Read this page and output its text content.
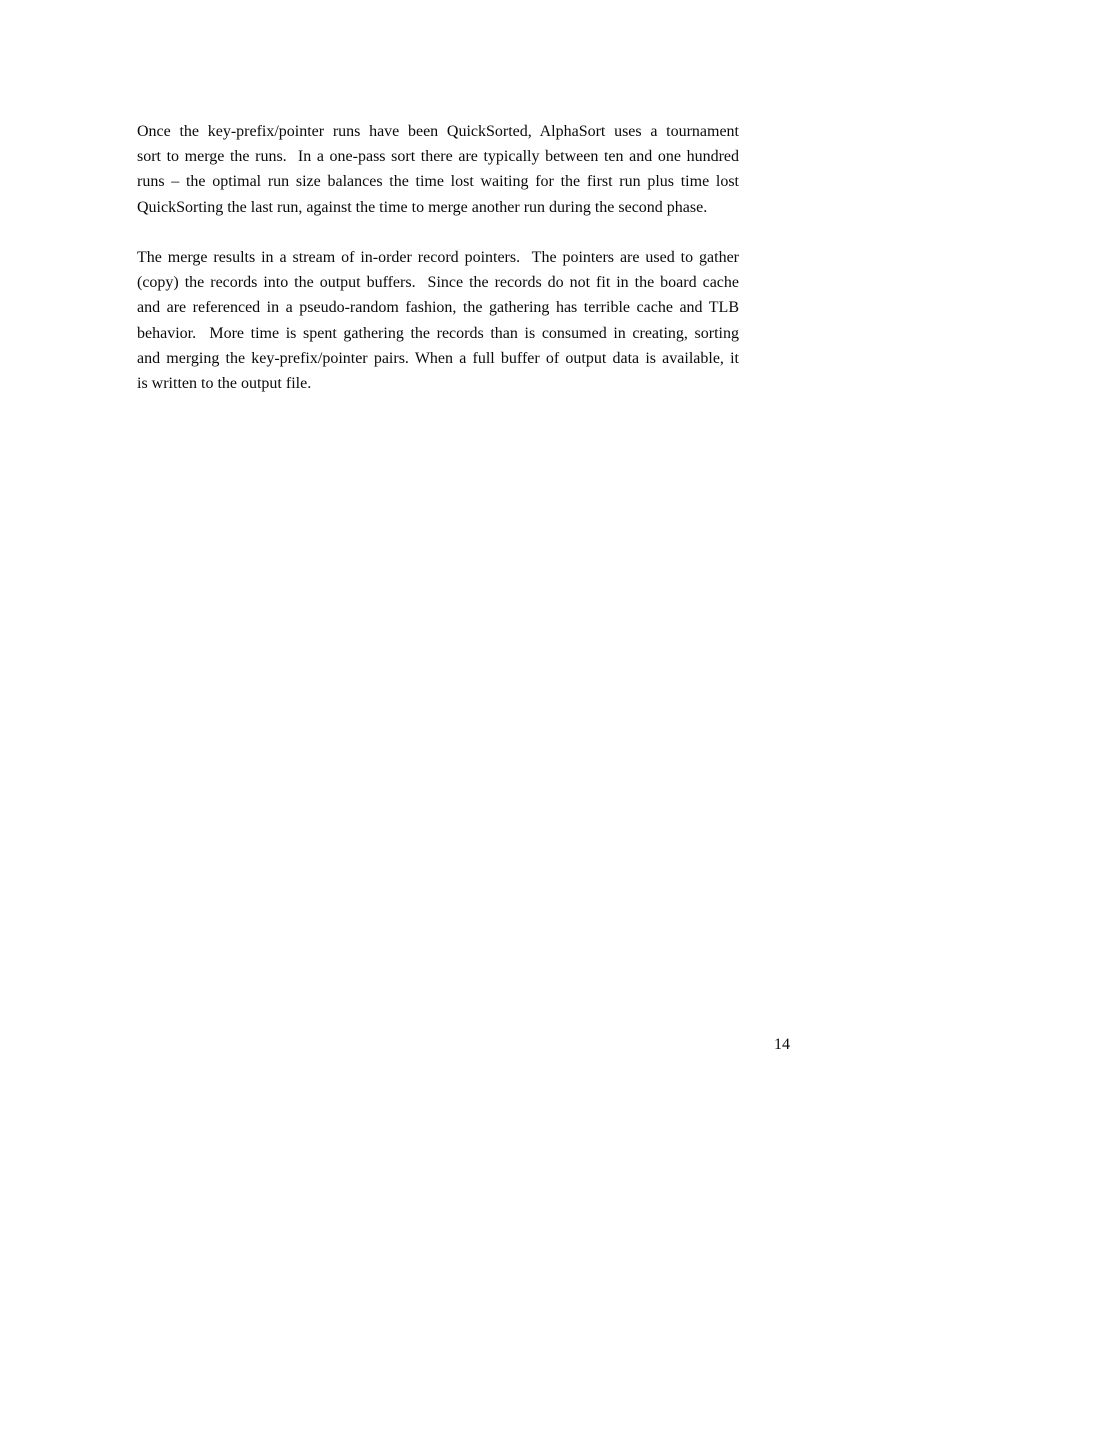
Once the key-prefix/pointer runs have been QuickSorted, AlphaSort uses a tournament
sort to merge the runs.  In a one-pass sort there are typically between ten and one hundred
runs – the optimal run size balances the time lost waiting for the first run plus time lost
QuickSorting the last run, against the time to merge another run during the second phase.
The merge results in a stream of in-order record pointers.  The pointers are used to gather
(copy) the records into the output buffers.  Since the records do not fit in the board cache
and are referenced in a pseudo-random fashion, the gathering has terrible cache and TLB
behavior.  More time is spent gathering the records than is consumed in creating, sorting
and merging the key-prefix/pointer pairs. When a full buffer of output data is available, it
is written to the output file.
14
